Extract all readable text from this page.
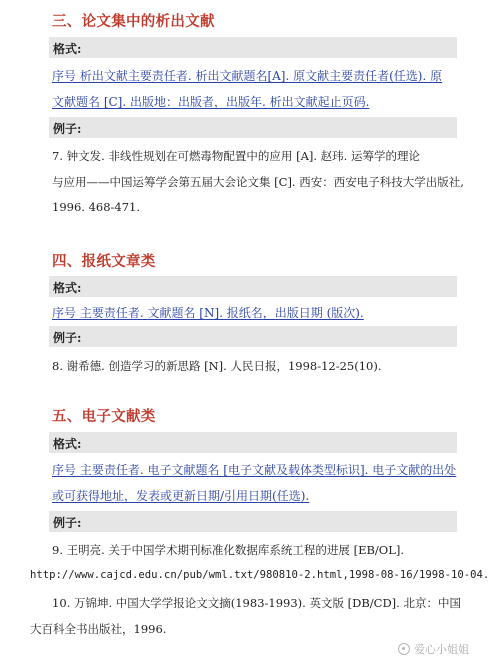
三、论文集中的析出文献
格式:
序号 析出文献主要责任者. 析出文献题名[A]. 原文献主要责任者(任选). 原
文献题名 [C]. 出版地：出版者，出版年. 析出文献起止页码.
例子:
7. 钟文发. 非线性规划在可燃毒物配置中的应用 [A]. 赵玮. 运筹学的理论
与应用——中国运筹学会第五届大会论文集 [C]. 西安：西安电子科技大学出版社,
1996. 468-471.
四、报纸文章类
格式:
序号 主要责任者. 文献题名 [N]. 报纸名，出版日期 (版次).
例子:
8. 谢希德. 创造学习的新思路 [N]. 人民日报，1998-12-25(10).
五、电子文献类
格式:
序号 主要责任者. 电子文献题名 [电子文献及载体类型标识]. 电子文献的出处
或可获得地址，发表或更新日期/引用日期(任选).
例子:
9. 王明亮. 关于中国学术期刊标准化数据库系统工程的进展 [EB/OL].
http://www.cajcd.edu.cn/pub/wml.txt/980810-2.html,1998-08-16/1998-10-04.
10. 万锦坤. 中国大学学报论文文摘(1983-1993). 英文版 [DB/CD]. 北京：中国
大百科全书出版社，1996.
爱心小姐姐
